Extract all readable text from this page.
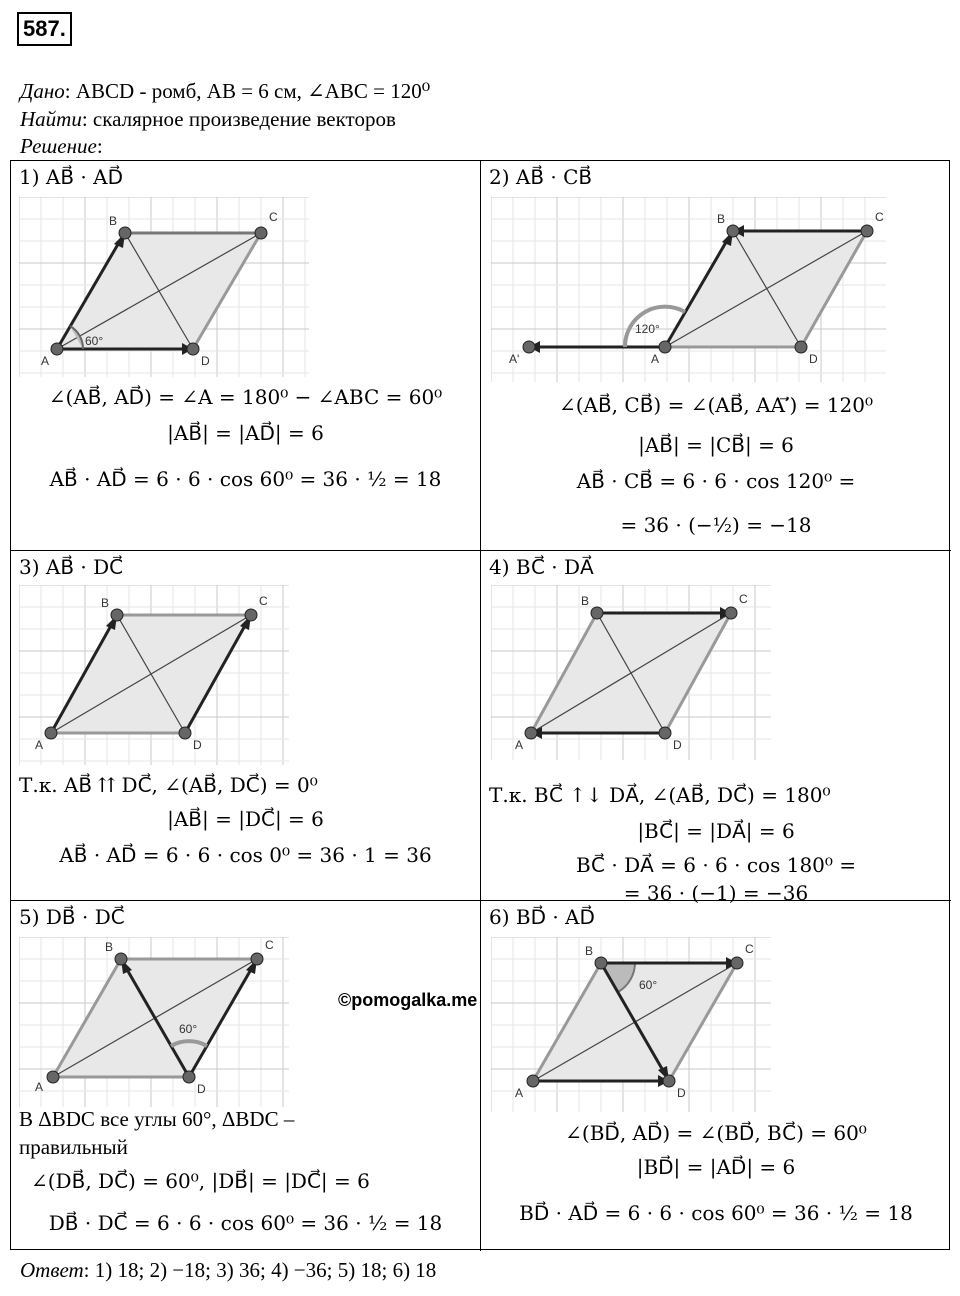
587.
Дано: ABCD - ромб, AB = 6 см, ∠ABC = 120⁰
Найти: скалярное произведение векторов
Решение:
1) AB⃗ · AD⃗
60°
A
B	C
D
∠(AB⃗, AD⃗) = ∠A = 180⁰ − ∠ABC = 60⁰
|AB⃗| = |AD⃗| = 6
AB⃗ · AD⃗ = 6 · 6 · cos 60⁰ = 36 · ½ = 18
2) AB⃗ · CB⃗
120°
A'	A
B	C
D
∠(AB⃗, CB⃗) = ∠(AB⃗, AA′⃗) = 120⁰
|AB⃗| = |CB⃗| = 6
AB⃗ · CB⃗ = 6 · 6 · cos 120⁰ =
= 36 · (−½) = −18
3) AB⃗ · DC⃗
A
B	C
D
Т.к. AB⃗ ⇈ DC⃗, ∠(AB⃗, DC⃗) = 0⁰
|AB⃗| = |DC⃗| = 6
AB⃗ · AD⃗ = 6 · 6 · cos 0⁰ = 36 · 1 = 36
4) BC⃗ · DA⃗
A
B	C
D
Т.к. BC⃗ ↑↓ DA⃗, ∠(AB⃗, DC⃗) = 180⁰
|BC⃗| = |DA⃗| = 6
BC⃗ · DA⃗ = 6 · 6 · cos 180⁰ =
= 36 · (−1) = −36
5) DB⃗ · DC⃗
60°
A
B	C
D
В ΔBDC все углы 60°, ΔBDC –
правильный
∠(DB⃗, DC⃗) = 60⁰, |DB⃗| = |DC⃗| = 6
DB⃗ · DC⃗ = 6 · 6 · cos 60⁰ = 36 · ½ = 18
6) BD⃗ · AD⃗
60°
A
B	C
D
∠(BD⃗, AD⃗) = ∠(BD⃗, BC⃗) = 60⁰
|BD⃗| = |AD⃗| = 6
BD⃗ · AD⃗ = 6 · 6 · cos 60⁰ = 36 · ½ = 18
©pomogalka.me
Ответ: 1) 18; 2) −18; 3) 36; 4) −36; 5) 18; 6) 18
